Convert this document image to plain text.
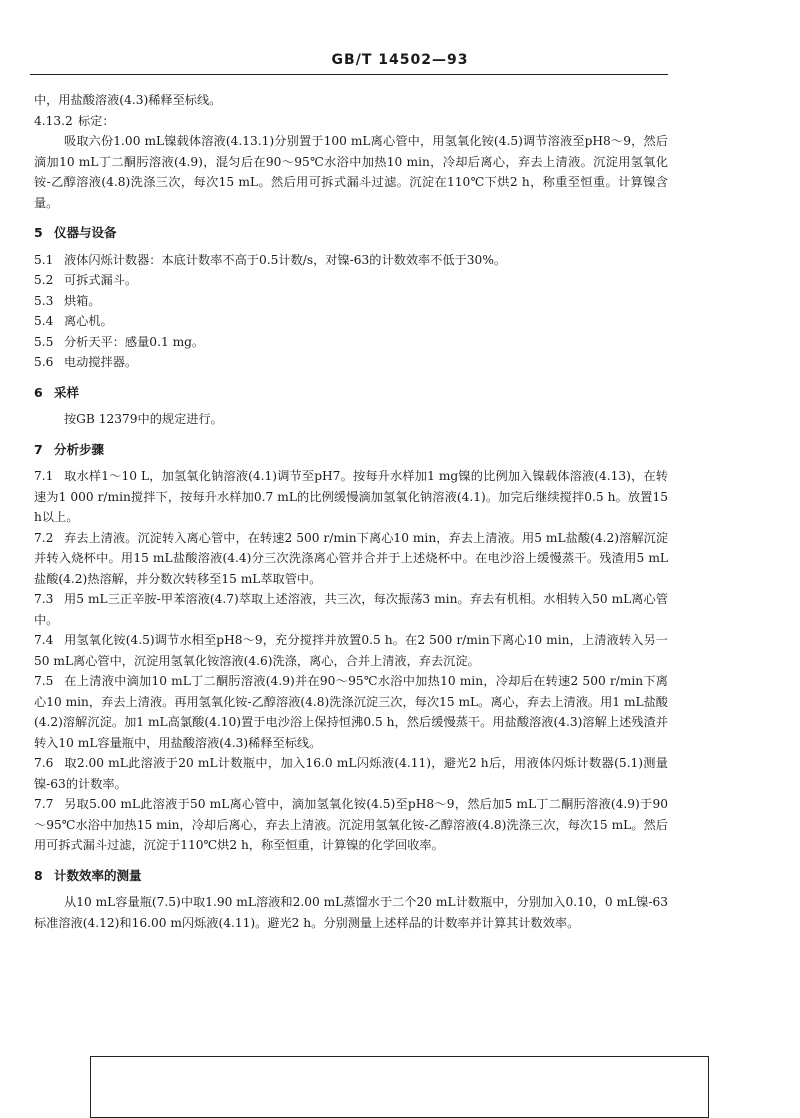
GB/T 14502—93

中，用盐酸溶液(4.3)稀释至标线。

4.13.2 标定：

吸取六份1.00 mL镍载体溶液(4.13.1)分别置于100 mL离心管中，用氢氧化铵(4.5)调节溶液至pH8～9，然后滴加10 mL丁二酮肟溶液(4.9)，混匀后在90～95℃水浴中加热10 min，冷却后离心，弃去上清液。沉淀用氢氧化铵-乙醇溶液(4.8)洗涤三次，每次15 mL。然后用可拆式漏斗过滤。沉淀在110℃下烘2 h，称重至恒重。计算镍含量。

5 仪器与设备

5.1 液体闪烁计数器：本底计数率不高于0.5计数/s，对镍-63的计数效率不低于30%。

5.2 可拆式漏斗。

5.3 烘箱。

5.4 离心机。

5.5 分析天平：感量0.1 mg。

5.6 电动搅拌器。

6 采样

按GB 12379中的规定进行。

7 分析步骤

7.1 取水样1～10 L，加氢氧化钠溶液(4.1)调节至pH7。按每升水样加1 mg镍的比例加入镍载体溶液(4.13)，在转速为1 000 r/min搅拌下，按每升水样加0.7 mL的比例缓慢滴加氢氧化钠溶液(4.1)。加完后继续搅拌0.5 h。放置15 h以上。

7.2 弃去上清液。沉淀转入离心管中，在转速2 500 r/min下离心10 min，弃去上清液。用5 mL盐酸(4.2)溶解沉淀并转入烧杯中。用15 mL盐酸溶液(4.4)分三次洗涤离心管并合并于上述烧杯中。在电沙浴上缓慢蒸干。残渣用5 mL盐酸(4.2)热溶解，并分数次转移至15 mL萃取管中。

7.3 用5 mL三正辛胺-甲苯溶液(4.7)萃取上述溶液，共三次，每次振荡3 min。弃去有机相。水相转入50 mL离心管中。

7.4 用氢氧化铵(4.5)调节水相至pH8～9，充分搅拌并放置0.5 h。在2 500 r/min下离心10 min，上清液转入另一50 mL离心管中，沉淀用氢氧化铵溶液(4.6)洗涤，离心，合并上清液，弃去沉淀。

7.5 在上清液中滴加10 mL丁二酮肟溶液(4.9)并在90～95℃水浴中加热10 min，冷却后在转速2 500 r/min下离心10 min，弃去上清液。再用氢氧化铵-乙醇溶液(4.8)洗涤沉淀三次，每次15 mL。离心，弃去上清液。用1 mL盐酸(4.2)溶解沉淀。加1 mL高氯酸(4.10)置于电沙浴上保持恒沸0.5 h，然后缓慢蒸干。用盐酸溶液(4.3)溶解上述残渣并转入10 mL容量瓶中，用盐酸溶液(4.3)稀释至标线。

7.6 取2.00 mL此溶液于20 mL计数瓶中，加入16.0 mL闪烁液(4.11)，避光2 h后，用液体闪烁计数器(5.1)测量镍-63的计数率。

7.7 另取5.00 mL此溶液于50 mL离心管中，滴加氢氧化铵(4.5)至pH8～9，然后加5 mL丁二酮肟溶液(4.9)于90～95℃水浴中加热15 min，冷却后离心，弃去上清液。沉淀用氢氧化铵-乙醇溶液(4.8)洗涤三次，每次15 mL。然后用可拆式漏斗过滤，沉淀于110℃烘2 h，称至恒重，计算镍的化学回收率。

8 计数效率的测量

从10 mL容量瓶(7.5)中取1.90 mL溶液和2.00 mL蒸馏水于二个20 mL计数瓶中，分别加入0.10，0 mL镍-63标准溶液(4.12)和16.00 m闪烁液(4.11)。避光2 h。分别测量上述样品的计数率并计算其计数效率。
